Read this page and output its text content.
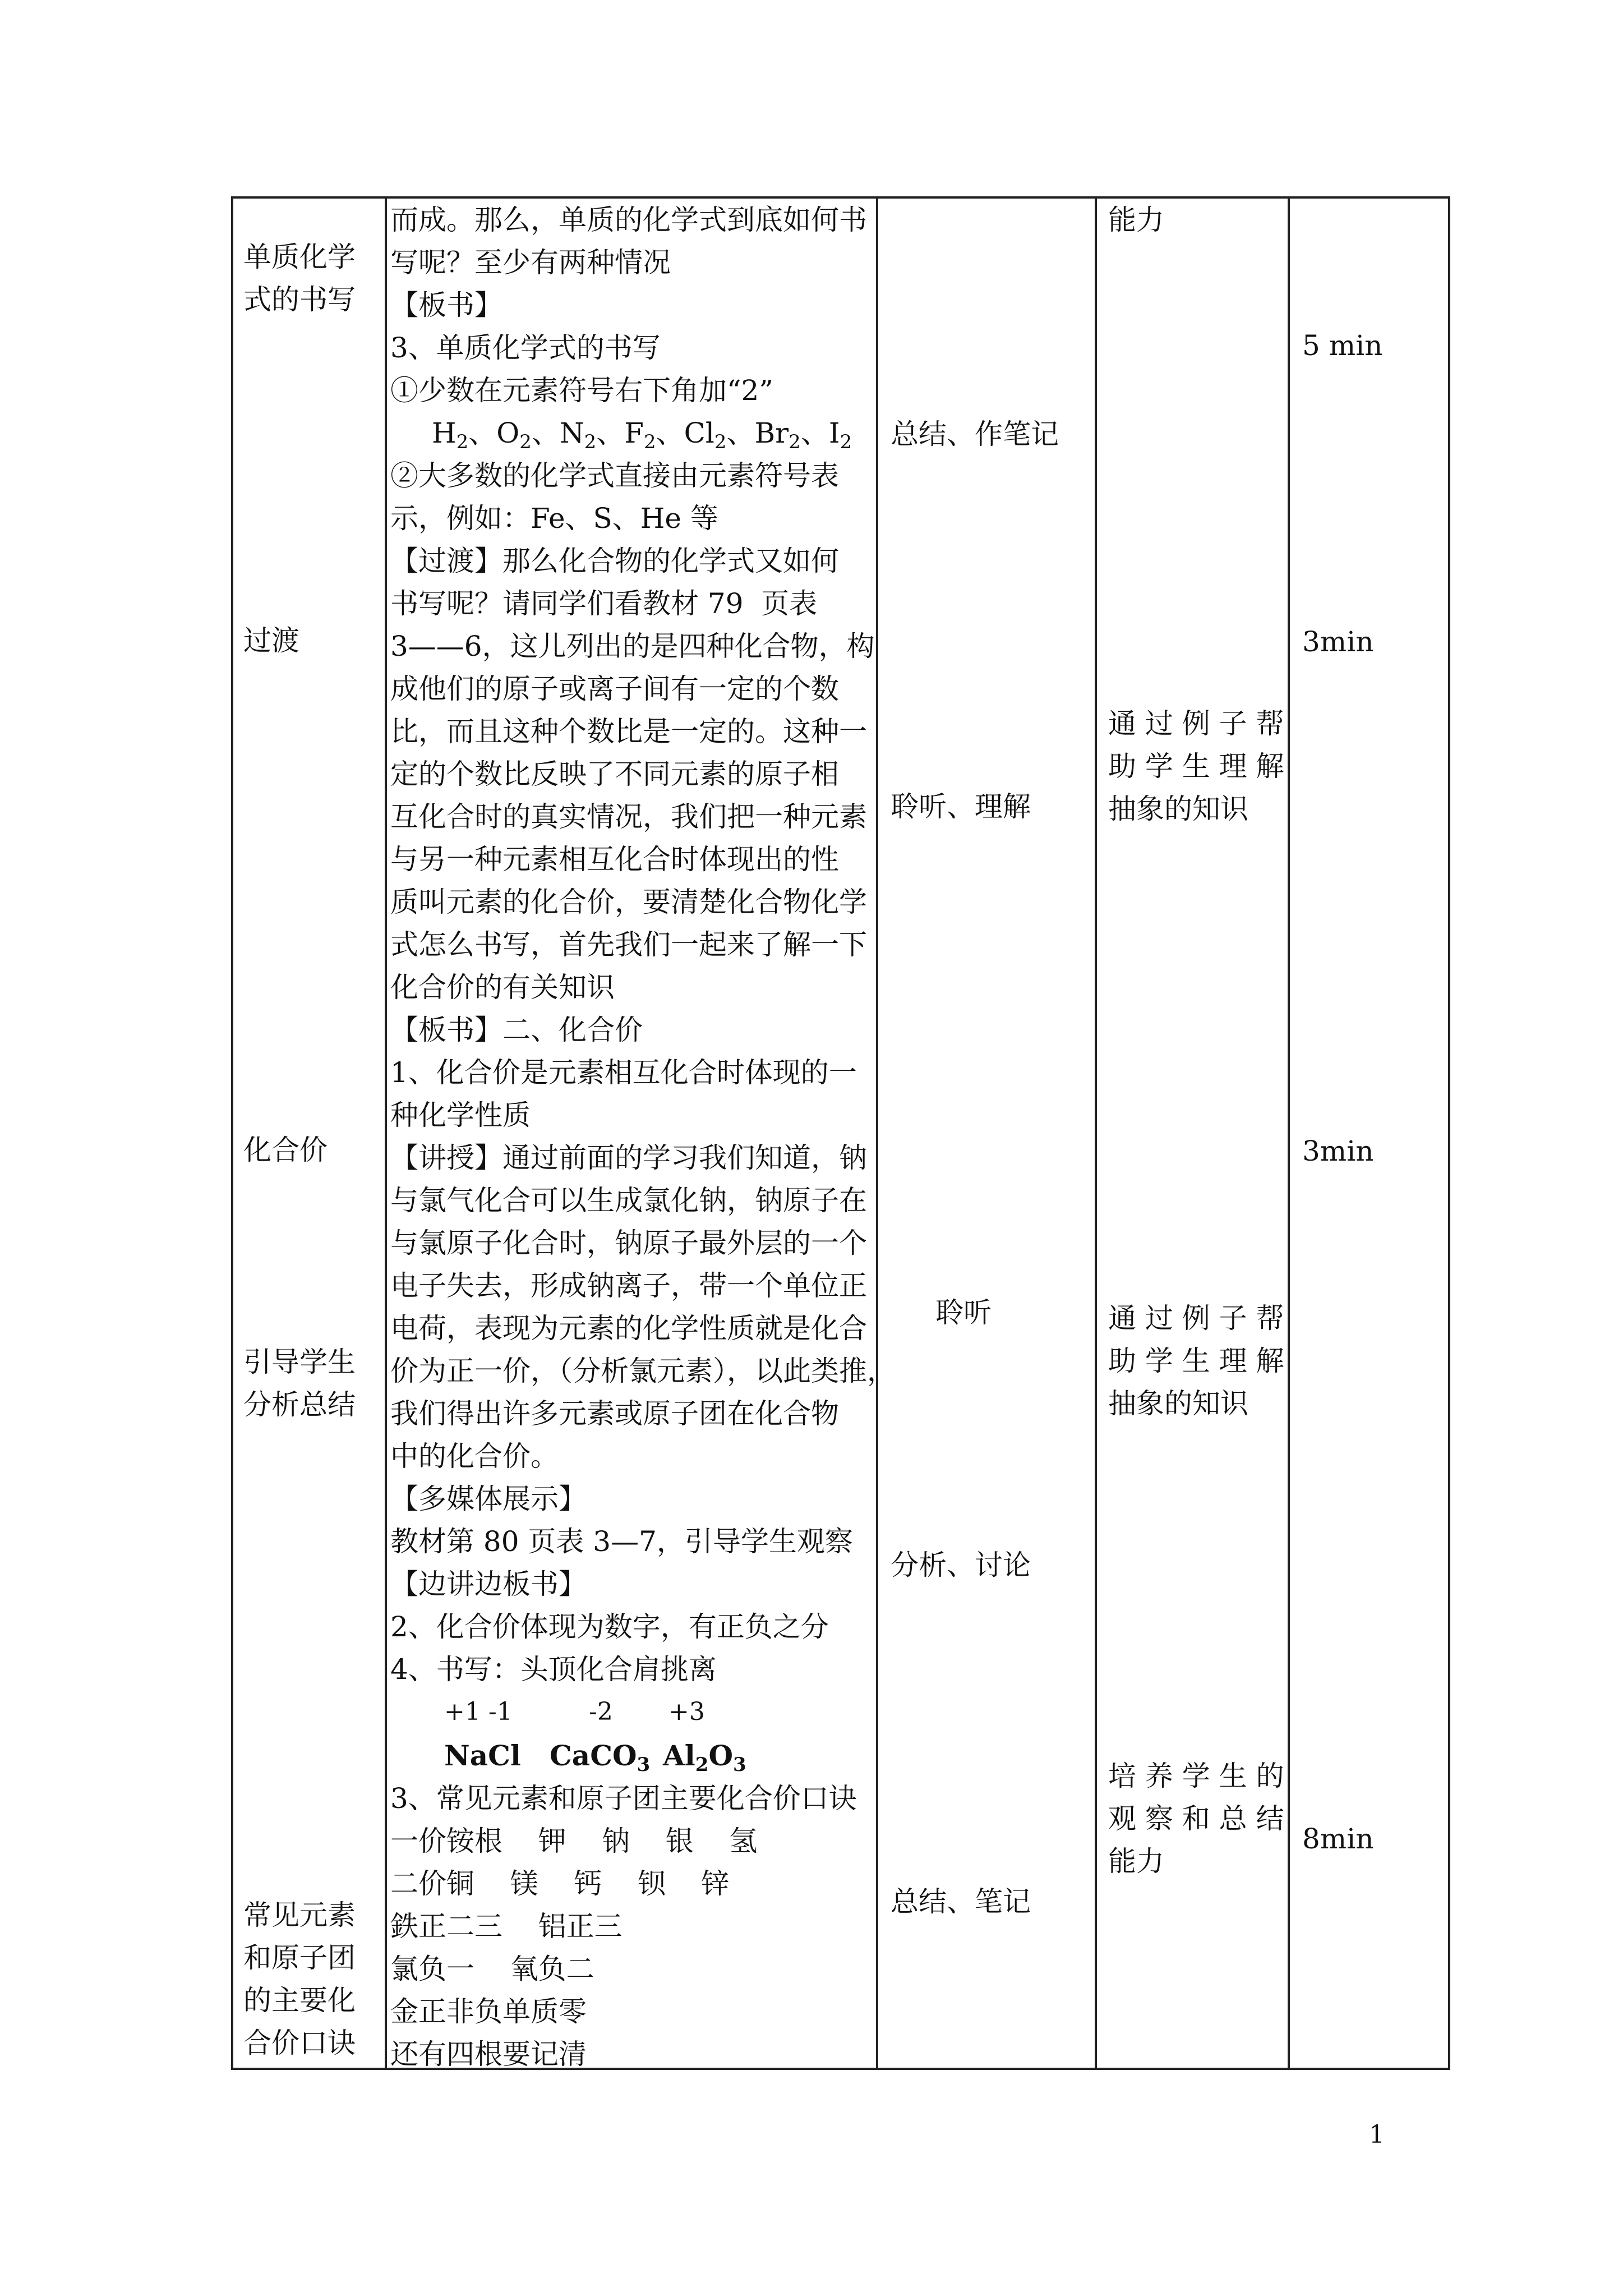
单质化学
式的书写
过渡
化合价
引导学生
分析总结
常见元素
和原子团
的主要化
合价口诀
而成。那么，单质的化学式到底如何书
写呢？至少有两种情况
【板书】
3、单质化学式的书写
①少数在元素符号右下角加“2”
$H_2$、$O_2$、$N_2$、$F_2$、$Cl_2$、$Br_2$、$I_2$
②大多数的化学式直接由元素符号表
示，例如：Fe、S、He 等
【过渡】那么化合物的化学式又如何
书写呢？请同学们看教材 79  页表
3——6，这儿列出的是四种化合物，构
成他们的原子或离子间有一定的个数
比，而且这种个数比是一定的。这种一
定的个数比反映了不同元素的原子相
互化合时的真实情况，我们把一种元素
与另一种元素相互化合时体现出的性
质叫元素的化合价，要清楚化合物化学
式怎么书写，首先我们一起来了解一下
化合价的有关知识
【板书】二、化合价
1、化合价是元素相互化合时体现的一
种化学性质
【讲授】通过前面的学习我们知道，钠
与氯气化合可以生成氯化钠，钠原子在
与氯原子化合时，钠原子最外层的一个
电子失去，形成钠离子，带一个单位正
电荷，表现为元素的化学性质就是化合
价为正一价，（分析氯元素），以此类推，
我们得出许多元素或原子团在化合物
中的化合价。
【多媒体展示】
教材第 80 页表 3—7，引导学生观察
【边讲边板书】
2、化合价体现为数字，有正负之分
4、书写：头顶化合肩挑离
+1 -1	-2 +3
NaCl CaCO$_3$ $Al_2O_3$
3、常见元素和原子团主要化合价口诀
一价铵根    钾    钠    银    氢
二价铜    镁    钙    钡    锌
鉄正二三    铝正三
氯负一    氧负二
金正非负单质零
还有四根要记清
总结、作笔记
聆听、理解
聆听
分析、讨论
总结、笔记
能力
通 过 例 子 帮
助 学 生 理 解
抽象的知识
通 过 例 子 帮
助 学 生 理 解
抽象的知识
培 养 学 生 的
观 察 和 总 结
能力
5 min
3min
3min
8min
1
